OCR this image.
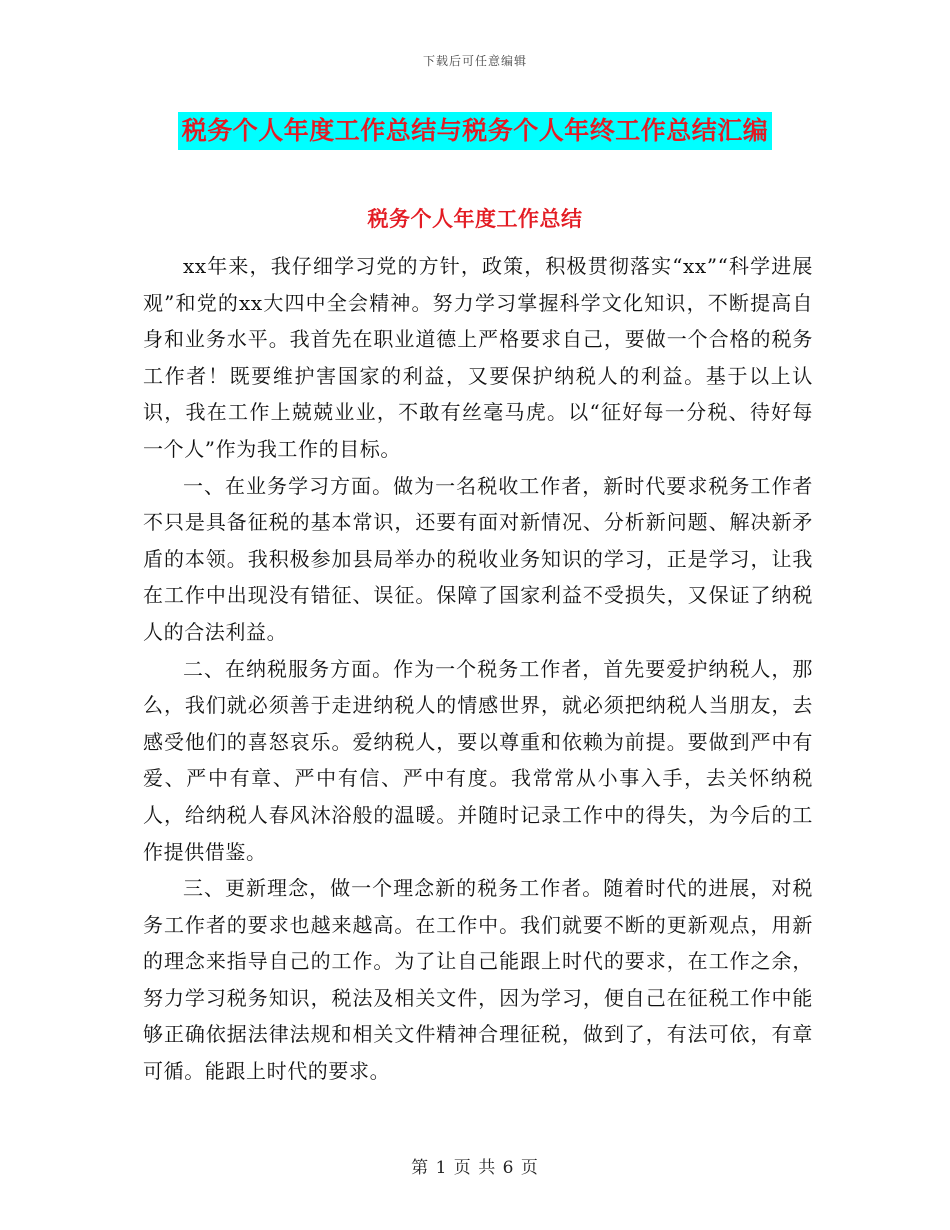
下载后可任意编辑
税务个人年度工作总结与税务个人年终工作总结汇编
税务个人年度工作总结

xx年来，我仔细学习党的方针，政策，积极贯彻落实“xx”“科学进展观”和党的xx大四中全会精神。努力学习掌握科学文化知识，不断提高自身和业务水平。我首先在职业道德上严格要求自己，要做一个合格的税务工作者！既要维护害国家的利益，又要保护纳税人的利益。基于以上认识，我在工作上兢兢业业，不敢有丝毫马虎。以“征好每一分税、待好每一个人”作为我工作的目标。

一、在业务学习方面。做为一名税收工作者，新时代要求税务工作者不只是具备征税的基本常识，还要有面对新情况、分析新问题、解决新矛盾的本领。我积极参加县局举办的税收业务知识的学习，正是学习，让我在工作中出现没有错征、误征。保障了国家利益不受损失，又保证了纳税人的合法利益。

二、在纳税服务方面。作为一个税务工作者，首先要爱护纳税人，那么，我们就必须善于走进纳税人的情感世界，就必须把纳税人当朋友，去感受他们的喜怒哀乐。爱纳税人，要以尊重和依赖为前提。要做到严中有爱、严中有章、严中有信、严中有度。我常常从小事入手，去关怀纳税人，给纳税人春风沐浴般的温暖。并随时记录工作中的得失，为今后的工作提供借鉴。

三、更新理念，做一个理念新的税务工作者。随着时代的进展，对税务工作者的要求也越来越高。在工作中。我们就要不断的更新观点，用新的理念来指导自己的工作。为了让自己能跟上时代的要求，在工作之余，努力学习税务知识，税法及相关文件，因为学习，便自己在征税工作中能够正确依据法律法规和相关文件精神合理征税，做到了，有法可依，有章可循。能跟上时代的要求。

第 1 页 共 6 页
